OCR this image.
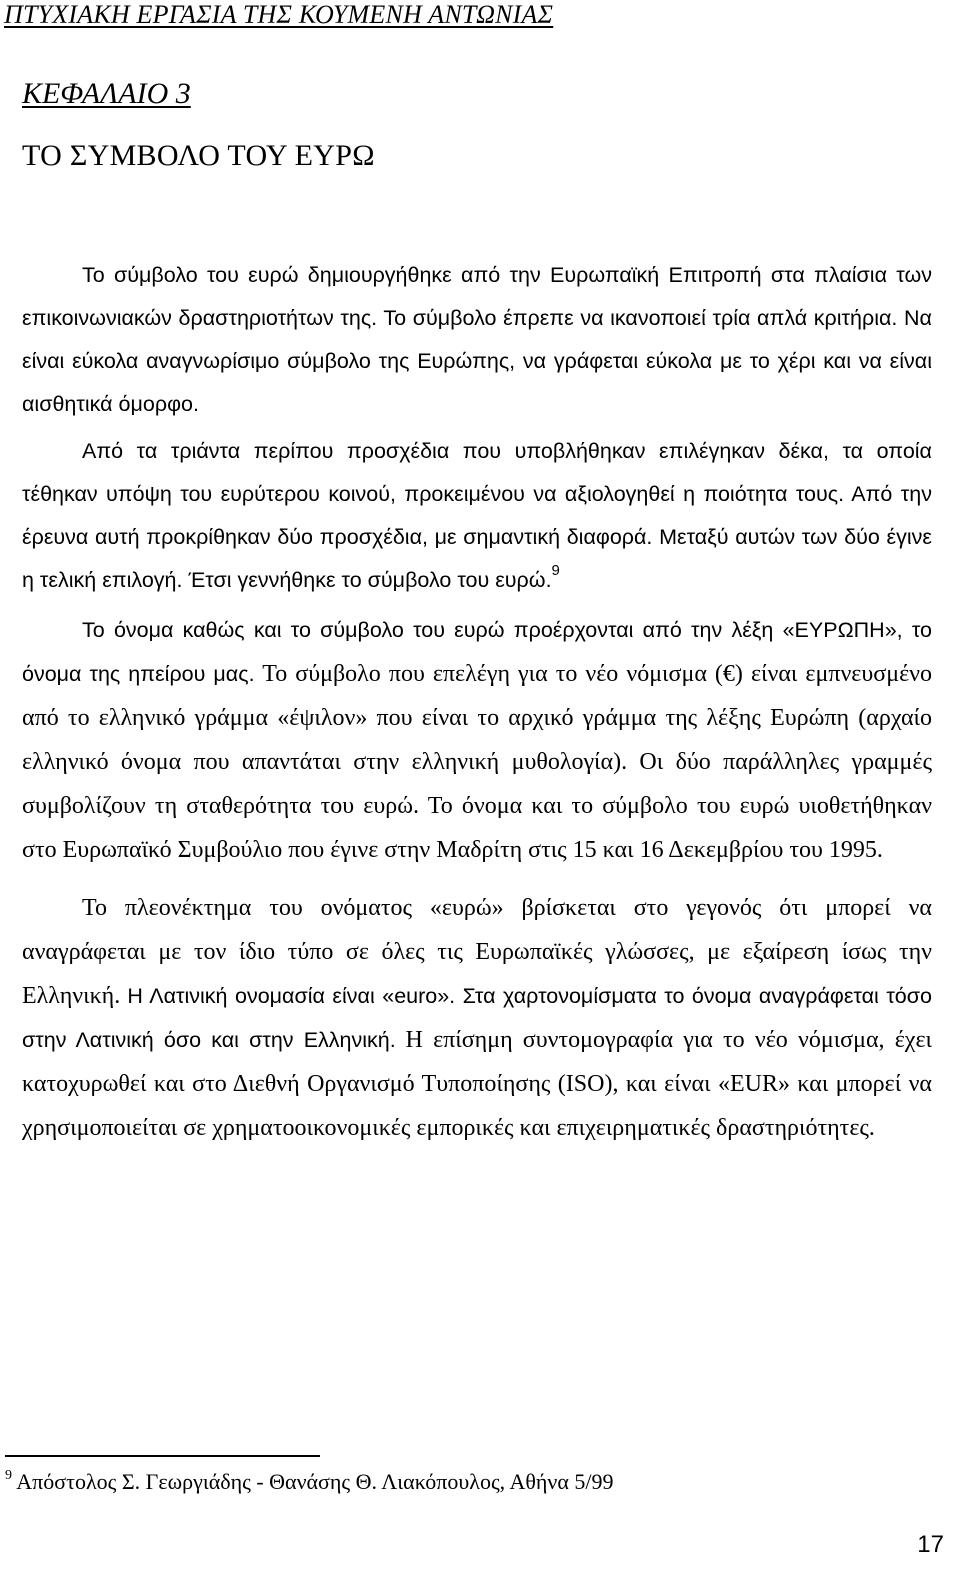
ΠΤΥΧΙΑΚΗ ΕΡΓΑΣΙΑ ΤΗΣ ΚΟΥΜΕΝΗ ΑΝΤΩΝΙΑΣ
ΚΕΦΑΛΑΙΟ 3
ΤΟ ΣΥΜΒΟΛΟ ΤΟΥ ΕΥΡΩ

Το σύμβολο του ευρώ δημιουργήθηκε από την Ευρωπαϊκή Επιτροπή στα πλαίσια των επικοινωνιακών δραστηριοτήτων της. Το σύμβολο έπρεπε να ικανοποιεί τρία απλά κριτήρια. Να είναι εύκολα αναγνωρίσιμο σύμβολο της Ευρώπης, να γράφεται εύκολα με το χέρι και να είναι αισθητικά όμορφο.

Από τα τριάντα περίπου προσχέδια που υποβλήθηκαν επιλέγηκαν δέκα, τα οποία τέθηκαν υπόψη του ευρύτερου κοινού, προκειμένου να αξιολογηθεί η ποιότητα τους. Από την έρευνα αυτή προκρίθηκαν δύο προσχέδια, με σημαντική διαφορά. Μεταξύ αυτών των δύο έγινε η τελική επιλογή. Έτσι γεννήθηκε το σύμβολο του ευρώ.$^9$

Το όνομα καθώς και το σύμβολο του ευρώ προέρχονται από την λέξη «ΕΥΡΩΠΗ», το όνομα της ηπείρου μας. Το σύμβολο που επελέγη για το νέο νόμισμα (€) είναι εμπνευσμένο από το ελληνικό γράμμα «έψιλον» που είναι το αρχικό γράμμα της λέξης Ευρώπη (αρχαίο ελληνικό όνομα που απαντάται στην ελληνική μυθολογία). Οι δύο παράλληλες γραμμές συμβολίζουν τη σταθερότητα του ευρώ. Το όνομα και το σύμβολο του ευρώ υιοθετήθηκαν στο Ευρωπαϊκό Συμβούλιο που έγινε στην Μαδρίτη στις 15 και 16 Δεκεμβρίου του 1995.

Το πλεονέκτημα του ονόματος «ευρώ» βρίσκεται στο γεγονός ότι μπορεί να αναγράφεται με τον ίδιο τύπο σε όλες τις Ευρωπαϊκές γλώσσες, με εξαίρεση ίσως την Ελληνική. Η Λατινική ονομασία είναι «euro». Στα χαρτονομίσματα το όνομα αναγράφεται τόσο στην Λατινική όσο και στην Ελληνική. Η επίσημη συντομογραφία για το νέο νόμισμα, έχει κατοχυρωθεί και στο Διεθνή Οργανισμό Τυποποίησης (ISO), και είναι «EUR» και μπορεί να χρησιμοποιείται σε χρηματοοικονομικές εμπορικές και επιχειρηματικές δραστηριότητες.

$^9$ Απόστολος Σ. Γεωργιάδης - Θανάσης Θ. Λιακόπουλος, Αθήνα 5/99
17
